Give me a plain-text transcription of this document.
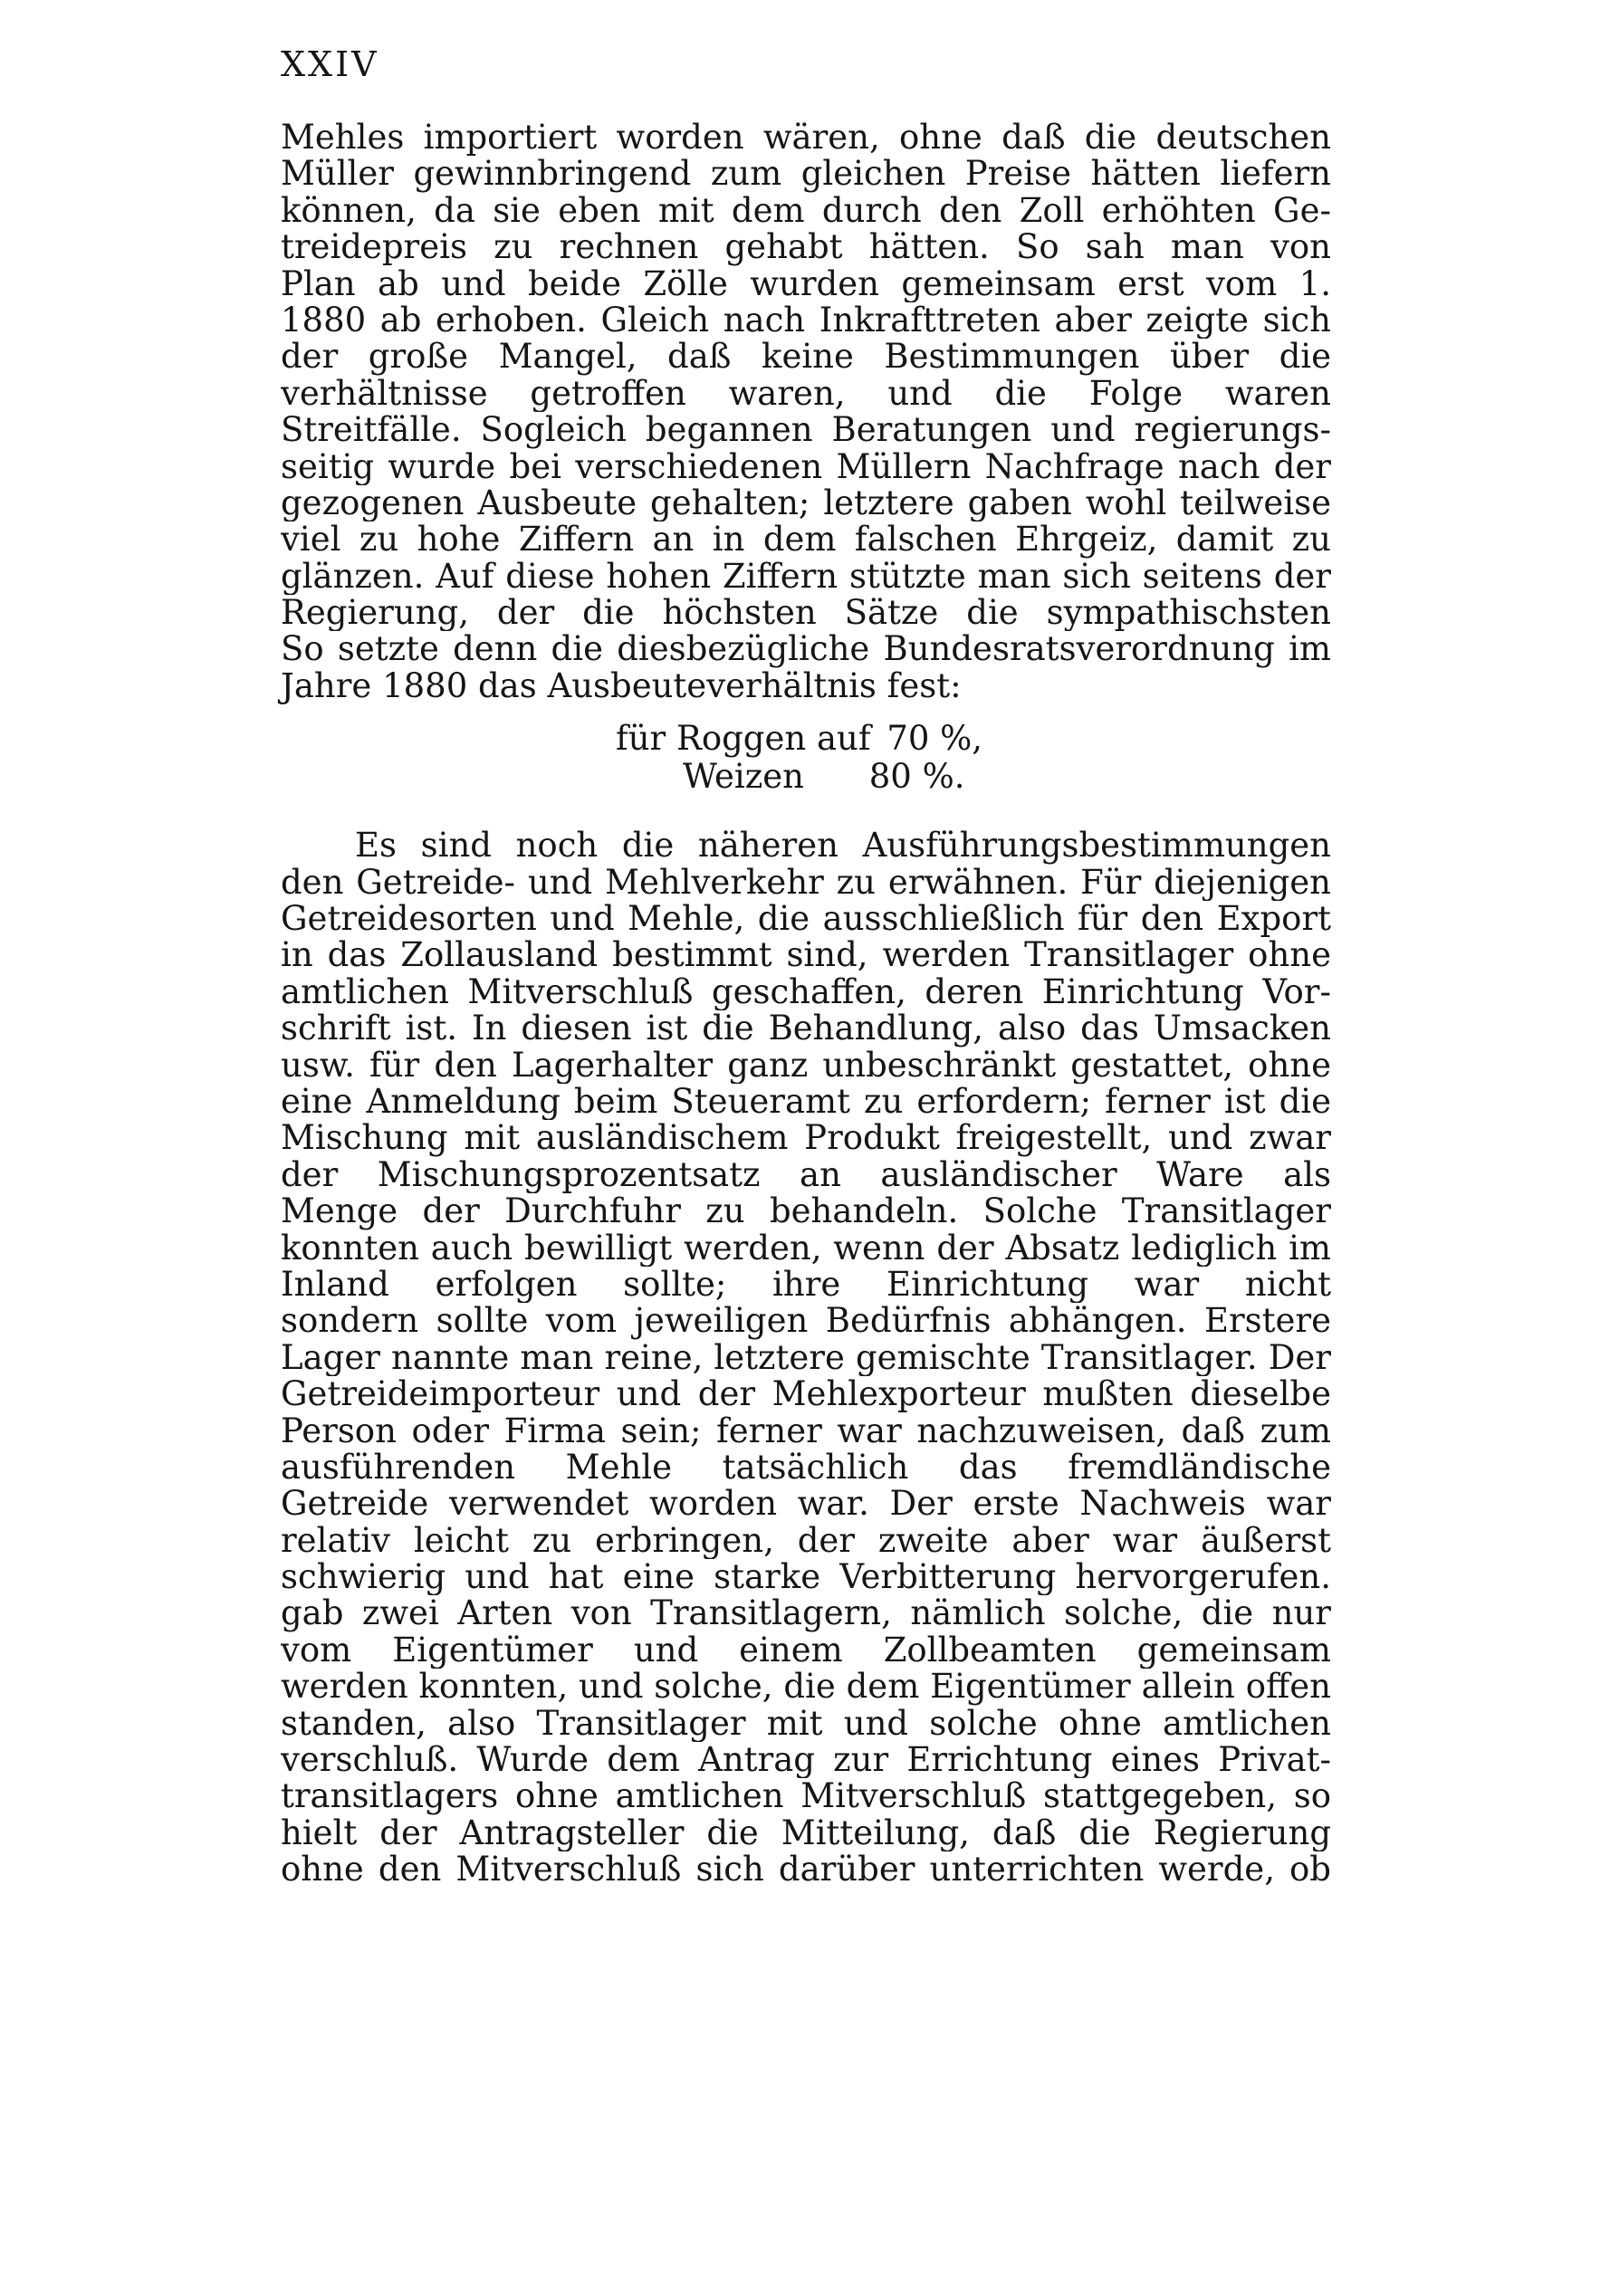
XXIV
Mehles importiert worden wären, ohne daß die deutschen
Müller gewinnbringend zum gleichen Preise hätten liefern
können, da sie eben mit dem durch den Zoll erhöhten Ge-
treidepreis zu rechnen gehabt hätten. So sah man von
Plan ab und beide Zölle wurden gemeinsam erst vom 1.
1880 ab erhoben. Gleich nach Inkrafttreten aber zeigte sich
der große Mangel, daß keine Bestimmungen über die
verhältnisse getroffen waren, und die Folge waren
Streitfälle. Sogleich begannen Beratungen und regierungs-
seitig wurde bei verschiedenen Müllern Nachfrage nach der
gezogenen Ausbeute gehalten; letztere gaben wohl teilweise
viel zu hohe Ziffern an in dem falschen Ehrgeiz, damit zu
glänzen. Auf diese hohen Ziffern stützte man sich seitens der
Regierung, der die höchsten Sätze die sympathischsten
So setzte denn die diesbezügliche Bundesratsverordnung im
Jahre 1880 das Ausbeuteverhältnis fest:
für Roggen auf 70 %,
Weizen 80 %.
Es sind noch die näheren Ausführungsbestimmungen
den Getreide- und Mehlverkehr zu erwähnen. Für diejenigen
Getreidesorten und Mehle, die ausschließlich für den Export
in das Zollausland bestimmt sind, werden Transitlager ohne
amtlichen Mitverschluß geschaffen, deren Einrichtung Vor-
schrift ist. In diesen ist die Behandlung, also das Umsacken
usw. für den Lagerhalter ganz unbeschränkt gestattet, ohne
eine Anmeldung beim Steueramt zu erfordern; ferner ist die
Mischung mit ausländischem Produkt freigestellt, und zwar
der Mischungsprozentsatz an ausländischer Ware als
Menge der Durchfuhr zu behandeln. Solche Transitlager
konnten auch bewilligt werden, wenn der Absatz lediglich im
Inland erfolgen sollte; ihre Einrichtung war nicht
sondern sollte vom jeweiligen Bedürfnis abhängen. Erstere
Lager nannte man reine, letztere gemischte Transitlager. Der
Getreideimporteur und der Mehlexporteur mußten dieselbe
Person oder Firma sein; ferner war nachzuweisen, daß zum
ausführenden Mehle tatsächlich das fremdländische
Getreide verwendet worden war. Der erste Nachweis war
relativ leicht zu erbringen, der zweite aber war äußerst
schwierig und hat eine starke Verbitterung hervorgerufen.
gab zwei Arten von Transitlagern, nämlich solche, die nur
vom Eigentümer und einem Zollbeamten gemeinsam
werden konnten, und solche, die dem Eigentümer allein offen
standen, also Transitlager mit und solche ohne amtlichen
verschluß. Wurde dem Antrag zur Errichtung eines Privat-
transitlagers ohne amtlichen Mitverschluß stattgegeben, so
hielt der Antragsteller die Mitteilung, daß die Regierung
ohne den Mitverschluß sich darüber unterrichten werde, ob
